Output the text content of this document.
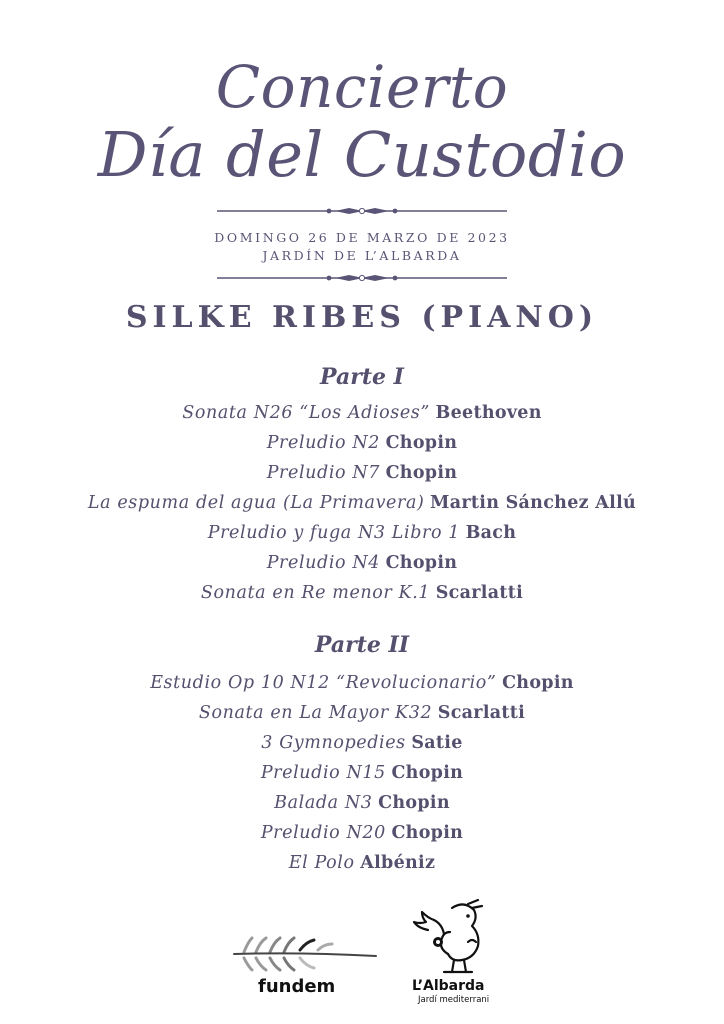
Concierto
Día del Custodio
DOMINGO 26 DE MARZO DE 2023
JARDÍN DE L’ALBARDA
SILKE RIBES (PIANO)
Parte I
Sonata N26 “Los Adioses” Beethoven
Preludio N2 Chopin
Preludio N7 Chopin
La espuma del agua (La Primavera) Martin Sánchez Allú
Preludio y fuga N3 Libro 1 Bach
Preludio N4 Chopin
Sonata en Re menor K.1 Scarlatti
Parte II
Estudio Op 10 N12 “Revolucionario” Chopin
Sonata en La Mayor K32 Scarlatti
3 Gymnopedies Satie
Preludio N15 Chopin
Balada N3 Chopin
Preludio N20 Chopin
El Polo Albéniz
fundem	L’Albarda
Jardí mediterrani
